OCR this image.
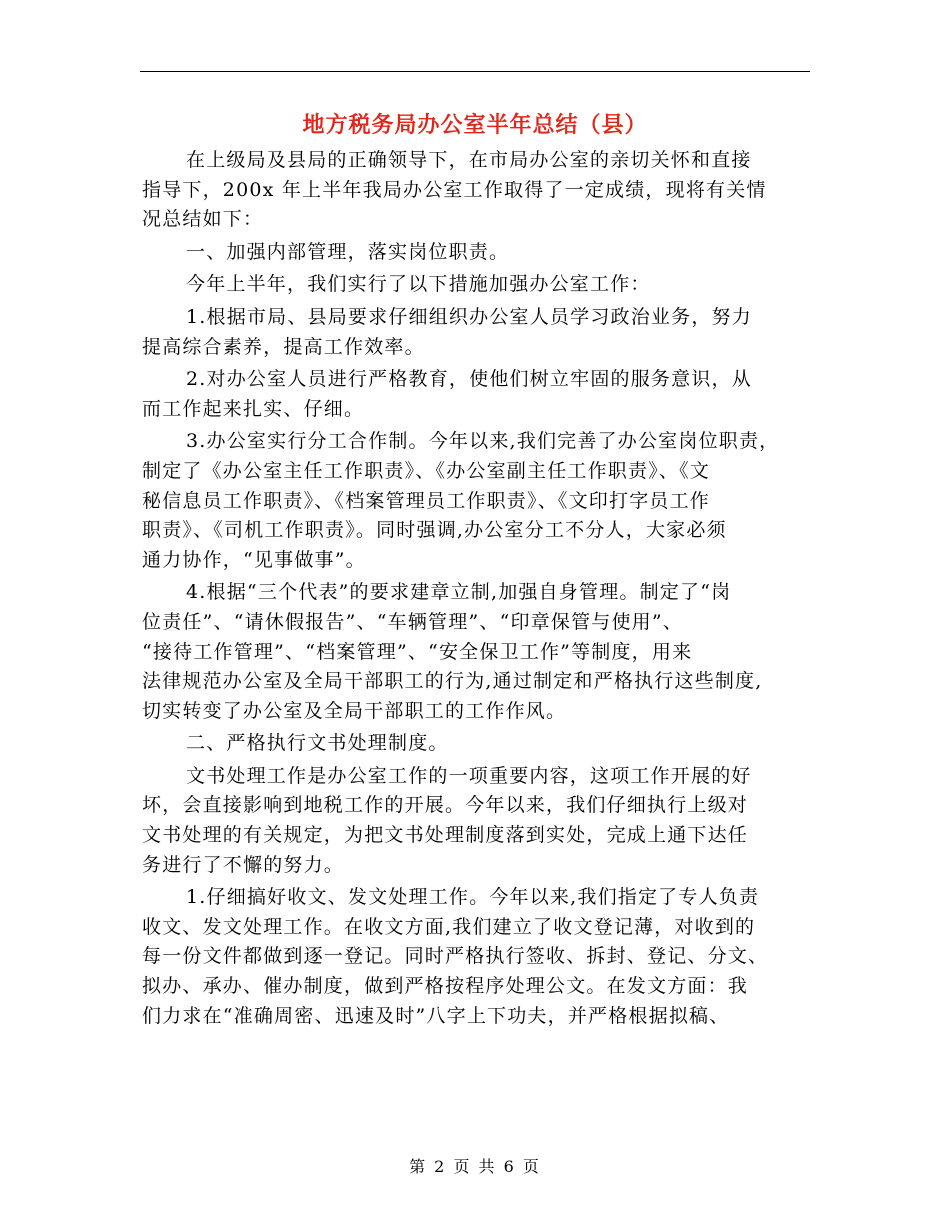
地方税务局办公室半年总结（县）
在上级局及县局的正确领导下，在市局办公室的亲切关怀和直接
指导下，200x 年上半年我局办公室工作取得了一定成绩，现将有关情
况总结如下：
一、加强内部管理，落实岗位职责。
今年上半年，我们实行了以下措施加强办公室工作：
1.根据市局、县局要求仔细组织办公室人员学习政治业务，努力
提高综合素养，提高工作效率。
2.对办公室人员进行严格教育，使他们树立牢固的服务意识，从
而工作起来扎实、仔细。
3.办公室实行分工合作制。今年以来,我们完善了办公室岗位职责，
制定了《办公室主任工作职责》、《办公室副主任工作职责》、《文
秘信息员工作职责》、《档案管理员工作职责》、《文印打字员工作
职责》、《司机工作职责》。同时强调,办公室分工不分人，大家必须
通力协作，“见事做事”。
4.根据“三个代表”的要求建章立制,加强自身管理。制定了“岗
位责任”、“请休假报告”、“车辆管理”、“印章保管与使用”、
“接待工作管理”、“档案管理”、“安全保卫工作”等制度，用来
法律规范办公室及全局干部职工的行为,通过制定和严格执行这些制度,
切实转变了办公室及全局干部职工的工作作风。
二、严格执行文书处理制度。
文书处理工作是办公室工作的一项重要内容，这项工作开展的好
坏，会直接影响到地税工作的开展。今年以来，我们仔细执行上级对
文书处理的有关规定，为把文书处理制度落到实处，完成上通下达任
务进行了不懈的努力。
1.仔细搞好收文、发文处理工作。今年以来,我们指定了专人负责
收文、发文处理工作。在收文方面,我们建立了收文登记薄，对收到的
每一份文件都做到逐一登记。同时严格执行签收、拆封、登记、分文、
拟办、承办、催办制度，做到严格按程序处理公文。在发文方面：我
们力求在“准确周密、迅速及时”八字上下功夫，并严格根据拟稿、
第 2 页 共 6 页
